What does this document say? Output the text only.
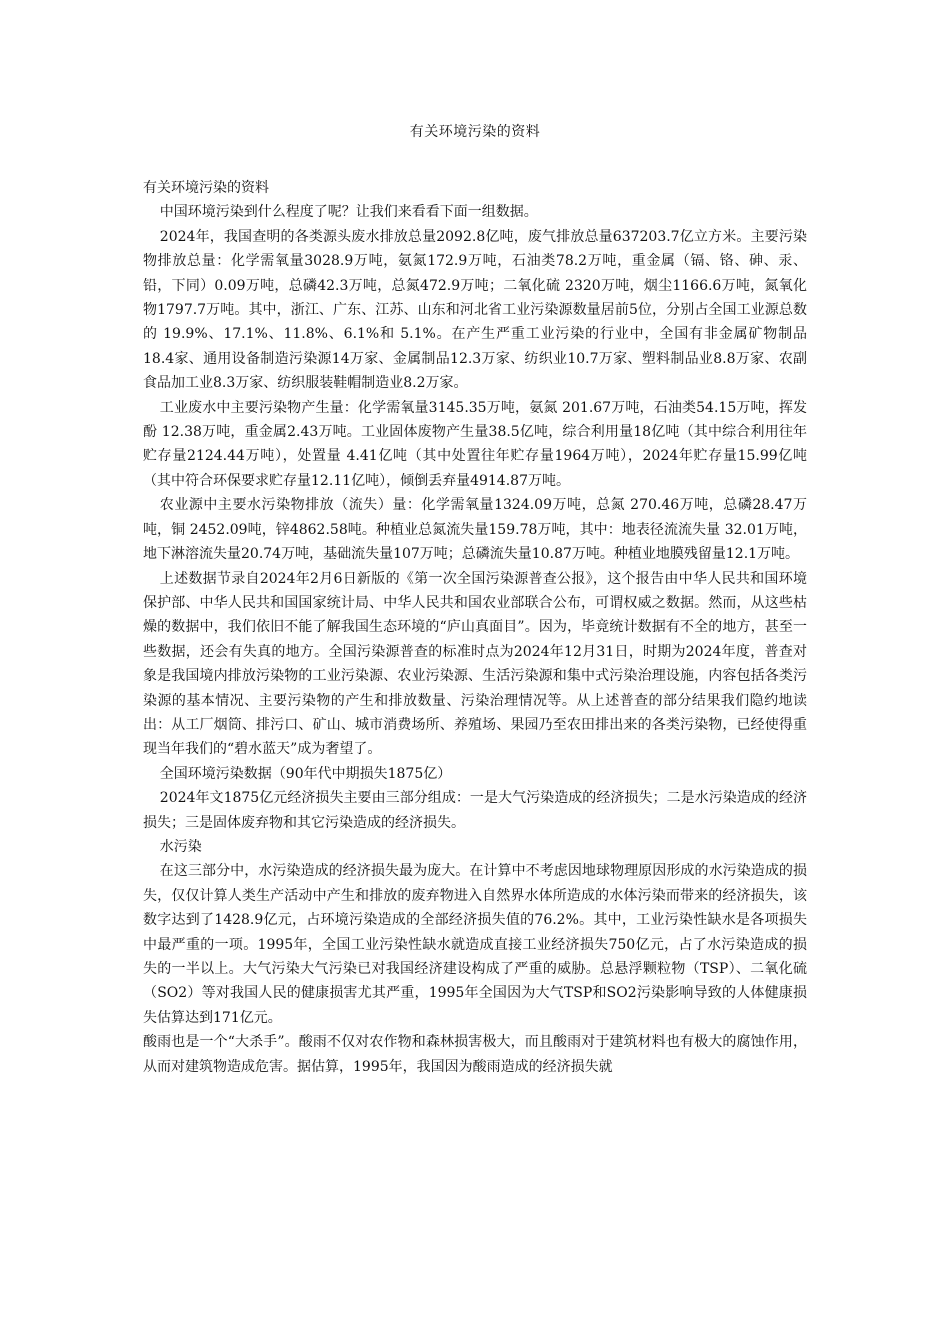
有关环境污染的资料

有关环境污染的资料

中国环境污染到什么程度了呢？让我们来看看下面一组数据。

2024年，我国查明的各类源头废水排放总量2092.8亿吨，废气排放总量637203.7亿立方米。主要污染物排放总量：化学需氧量3028.9万吨，氨氮172.9万吨，石油类78.2万吨，重金属（镉、铬、砷、汞、铅，下同）0.09万吨，总磷42.3万吨，总氮472.9万吨；二氧化硫 2320万吨，烟尘1166.6万吨，氮氧化物1797.7万吨。其中，浙江、广东、江苏、山东和河北省工业污染源数量居前5位，分别占全国工业源总数的 19.9%、17.1%、11.8%、6.1%和 5.1%。在产生严重工业污染的行业中，全国有非金属矿物制品18.4家、通用设备制造污染源14万家、金属制品12.3万家、纺织业10.7万家、塑料制品业8.8万家、农副食品加工业8.3万家、纺织服装鞋帽制造业8.2万家。

工业废水中主要污染物产生量：化学需氧量3145.35万吨，氨氮 201.67万吨，石油类54.15万吨，挥发酚 12.38万吨，重金属2.43万吨。工业固体废物产生量38.5亿吨，综合利用量18亿吨（其中综合利用往年贮存量2124.44万吨），处置量 4.41亿吨（其中处置往年贮存量1964万吨），2024年贮存量15.99亿吨（其中符合环保要求贮存量12.11亿吨），倾倒丢弃量4914.87万吨。

农业源中主要水污染物排放（流失）量：化学需氧量1324.09万吨，总氮 270.46万吨，总磷28.47万吨，铜 2452.09吨，锌4862.58吨。种植业总氮流失量159.78万吨，其中：地表径流流失量 32.01万吨，地下淋溶流失量20.74万吨，基础流失量107万吨；总磷流失量10.87万吨。种植业地膜残留量12.1万吨。

上述数据节录自2024年2月6日新版的《第一次全国污染源普查公报》，这个报告由中华人民共和国环境保护部、中华人民共和国国家统计局、中华人民共和国农业部联合公布，可谓权威之数据。然而，从这些枯燥的数据中，我们依旧不能了解我国生态环境的“庐山真面目”。因为，毕竟统计数据有不全的地方，甚至一些数据，还会有失真的地方。全国污染源普查的标准时点为2024年12月31日，时期为2024年度，普查对象是我国境内排放污染物的工业污染源、农业污染源、生活污染源和集中式污染治理设施，内容包括各类污染源的基本情况、主要污染物的产生和排放数量、污染治理情况等。从上述普查的部分结果我们隐约地读出：从工厂烟筒、排污口、矿山、城市消费场所、养殖场、果园乃至农田排出来的各类污染物，已经使得重现当年我们的“碧水蓝天”成为奢望了。

全国环境污染数据（90年代中期损失1875亿）

2024年文1875亿元经济损失主要由三部分组成：一是大气污染造成的经济损失；二是水污染造成的经济损失；三是固体废弃物和其它污染造成的经济损失。

水污染

在这三部分中，水污染造成的经济损失最为庞大。在计算中不考虑因地球物理原因形成的水污染造成的损失，仅仅计算人类生产活动中产生和排放的废弃物进入自然界水体所造成的水体污染而带来的经济损失，该数字达到了1428.9亿元，占环境污染造成的全部经济损失值的76.2%。其中，工业污染性缺水是各项损失中最严重的一项。1995年，全国工业污染性缺水就造成直接工业经济损失750亿元，占了水污染造成的损失的一半以上。大气污染大气污染已对我国经济建设构成了严重的威胁。总悬浮颗粒物（TSP）、二氧化硫（SO2）等对我国人民的健康损害尤其严重，1995年全国因为大气TSP和SO2污染影响导致的人体健康损失估算达到171亿元。

酸雨也是一个“大杀手”。酸雨不仅对农作物和森林损害极大，而且酸雨对于建筑材料也有极大的腐蚀作用，从而对建筑物造成危害。据估算，1995年，我国因为酸雨造成的经济损失就
